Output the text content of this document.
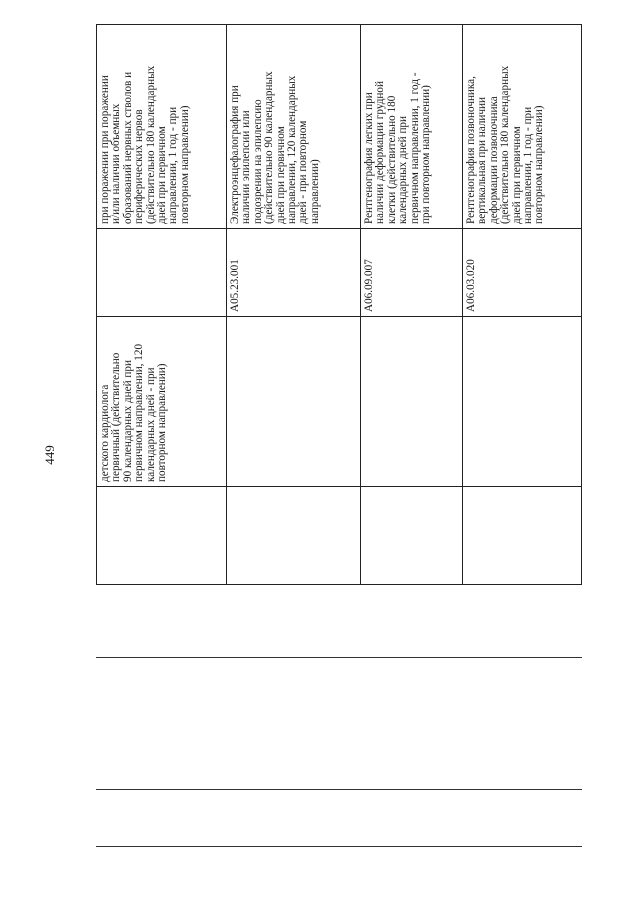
449	детского кардиолога первичный (действительно 90 календарных дней при первичном направлении, 120 календарных дней - при повторном направлении)
при поражении при поражении и/или наличии объемных образований нервных стволов и периферических нервов (действительно 180 календарных дней при первичном направлении, 1 год - при повторном направлении)
A05.23.001
Электроэнцефалография при наличии эпилепсии или подозрении на эпилепсию (действительно 90 календарных дней при первичном направлении, 120 календарных дней - при повторном направлении)
A06.09.007
Рентгенография легких при наличии деформации грудной клетки (действительно 180 календарных дней при первичном направлении, 1 год - при повторном направлении)
A06.03.020
Рентгенография позвоночника, вертикальная при наличии деформации позвоночника (действительно 180 календарных дней при первичном направлении, 1 год - при повторном направлении)
